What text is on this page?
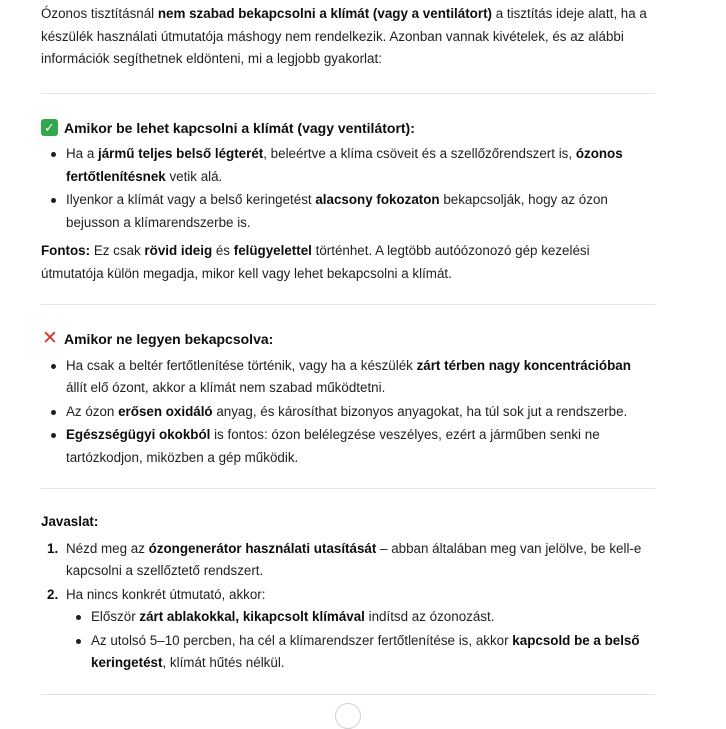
Ózonos tisztításnál nem szabad bekapcsolni a klímát (vagy a ventilátort) a tisztítás ideje alatt, ha a készülék használati útmutatója máshogy nem rendelkezik. Azonban vannak kivételek, és az alábbi információk segíthetnek eldönteni, mi a legjobb gyakorlat:

✓ Amikor be lehet kapcsolni a klímát (vagy ventilátort):
Ha a jármű teljes belső légterét, beleértve a klíma csöveit és a szellőzőrendszert is, ózonos fertőtlenítésnek vetik alá.
Ilyenkor a klímát vagy a belső keringetést alacsony fokozaton bekapcsolják, hogy az ózon bejusson a klímarendszerbe is.

Fontos: Ez csak rövid ideig és felügyelettel történhet. A legtöbb autóózonozó gép kezelési útmutatója külön megadja, mikor kell vagy lehet bekapcsolni a klímát.

✕ Amikor ne legyen bekapcsolva:
Ha csak a beltér fertőtlenítése történik, vagy ha a készülék zárt térben nagy koncentrációban állít elő ózont, akkor a klímát nem szabad működtetni.
Az ózon erősen oxidáló anyag, és károsíthat bizonyos anyagokat, ha túl sok jut a rendszerbe.
Egészségügyi okokból is fontos: ózon belélegzése veszélyes, ezért a járműben senki ne tartózkodjon, miközben a gép működik.

Javaslat:

1. Nézd meg az ózongenerátor használati utasítását – abban általában meg van jelölve, be kell-e kapcsolni a szellőztető rendszert.
2. Ha nincs konkrét útmutató, akkor:
Először zárt ablakokkal, kikapcsolt klímával indítsd az ózonozást.
Az utolsó 5–10 percben, ha cél a klímarendszer fertőtlenítése is, akkor kapcsold be a belső keringetést, klímát hűtés nélkül.
